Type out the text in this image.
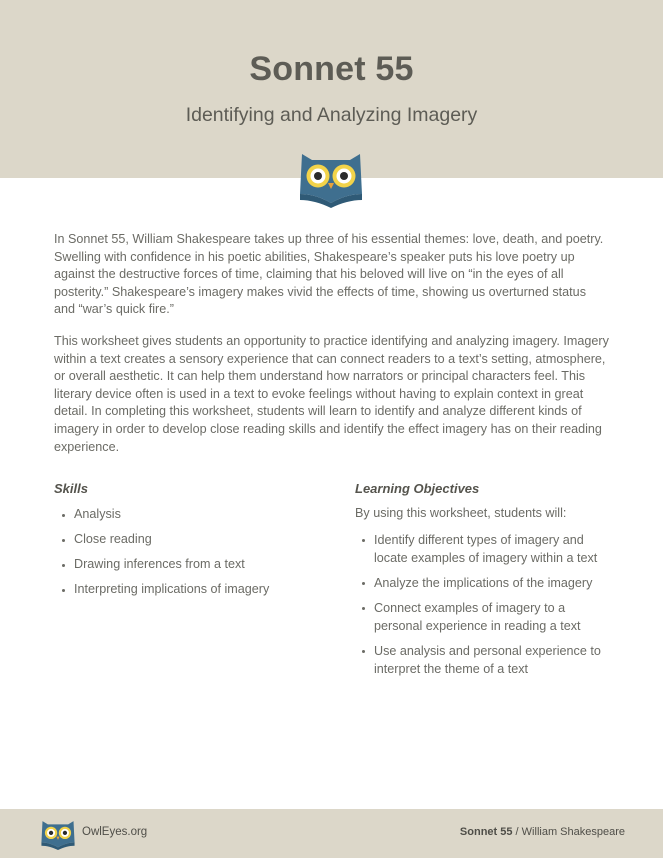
Sonnet 55
Identifying and Analyzing Imagery

In Sonnet 55, William Shakespeare takes up three of his essential themes: love, death, and poetry. Swelling with confidence in his poetic abilities, Shakespeare’s speaker puts his love poetry up against the destructive forces of time, claiming that his beloved will live on “in the eyes of all posterity.” Shakespeare’s imagery makes vivid the effects of time, showing us overturned status and “war’s quick fire.”

This worksheet gives students an opportunity to practice identifying and analyzing imagery. Imagery within a text creates a sensory experience that can connect readers to a text’s setting, atmosphere, or overall aesthetic. It can help them understand how narrators or principal characters feel. This literary device often is used in a text to evoke feelings without having to explain context in great detail. In completing this worksheet, students will learn to identify and analyze different kinds of imagery in order to develop close reading skills and identify the effect imagery has on their reading experience.

Skills
Analysis
Close reading
Drawing inferences from a text
Interpreting implications of imagery
Learning Objectives
By using this worksheet, students will:
Identify different types of imagery and locate examples of imagery within a text
Analyze the implications of the imagery
Connect examples of imagery to a personal experience in reading a text
Use analysis and personal experience to interpret the theme of a text
OwlEyes.org	Sonnet 55 / William Shakespeare
